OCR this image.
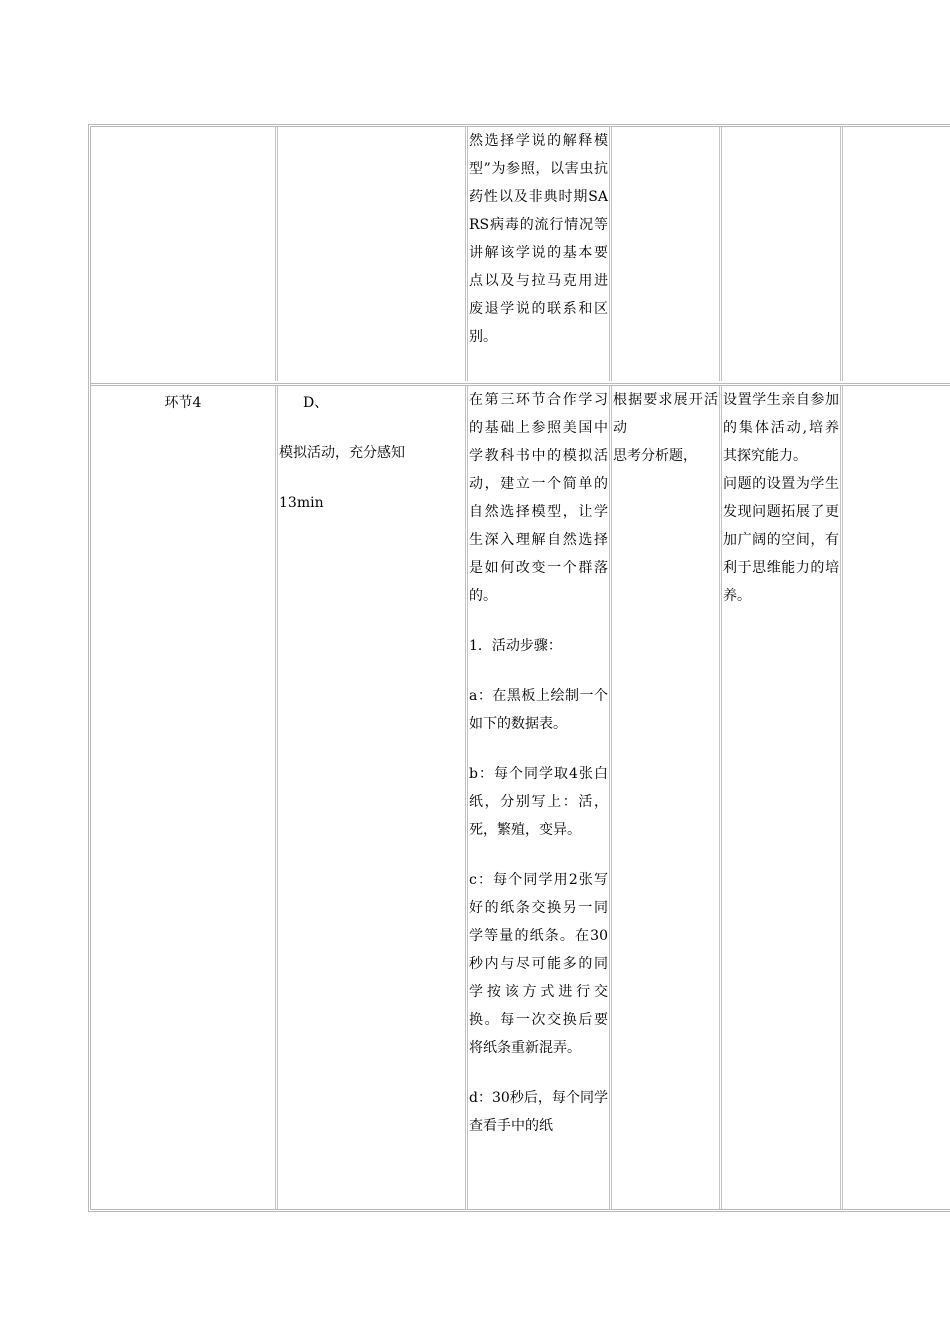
然选择学说的解释模型”为参照，以害虫抗药性以及非典时期SARS病毒的流行情况等讲解该学说的基本要点以及与拉马克用进废退学说的联系和区别。
环节4	D、
模拟活动，充分感知
13min
在第三环节合作学习的基础上参照美国中学教科书中的模拟活动，建立一个简单的自然选择模型，让学生深入理解自然选择是如何改变一个群落的。
1．活动步骤：
a：在黑板上绘制一个如下的数据表。
b：每个同学取4张白纸，分别写上：活，死，繁殖，变异。
c：每个同学用2张写好的纸条交换另一同学等量的纸条。在30秒内与尽可能多的同学按该方式进行交换。每一次交换后要将纸条重新混弄。
d：30秒后，每个同学查看手中的纸
根据要求展开活动
思考分析题，
设置学生亲自参加的集体活动,培养其探究能力。
问题的设置为学生发现问题拓展了更加广阔的空间，有利于思维能力的培养。
